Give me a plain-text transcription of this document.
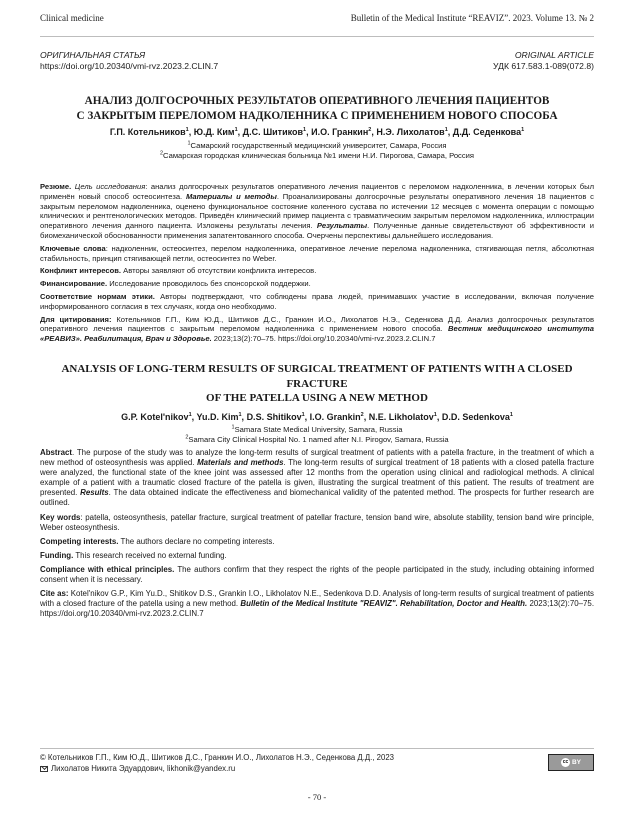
Clinical medicine	Bulletin of the Medical Institute “REAVIZ”. 2023. Volume 13. № 2
ОРИГИНАЛЬНАЯ СТАТЬЯ	ORIGINAL ARTICLE
https://doi.org/10.20340/vmi-rvz.2023.2.CLIN.7	УДК 617.583.1-089(072.8)

АНАЛИЗ ДОЛГОСРОЧНЫХ РЕЗУЛЬТАТОВ ОПЕРАТИВНОГО ЛЕЧЕНИЯ ПАЦИЕНТОВ
С ЗАКРЫТЫМ ПЕРЕЛОМОМ НАДКОЛЕННИКА С ПРИМЕНЕНИЕМ НОВОГО СПОСОБА

Г.П. Котельников$^1$, Ю.Д. Ким$^1$, Д.С. Шитиков$^1$, И.О. Гранкин$^2$, Н.Э. Лихолатов$^1$, Д.Д. Седенкова$^1$

$^1$Самарский государственный медицинский университет, Самара, Россия

$^2$Самарская городская клиническая больница №1 имени Н.И. Пирогова, Самара, Россия

Резюме. Цель исследования: анализ долгосрочных результатов оперативного лечения пациентов с переломом надколенника, в лечении которых был применён новый способ остеосинтеза. Материалы и методы. Проанализированы долгосрочные результаты оперативного лечения 18 пациентов с закрытым переломом надколенника, оценено функциональное состояние коленного сустава по истечении 12 месяцев с момента операции с помощью клинических и рентгенологических методов. Приведён клинический пример пациента с травматическим закрытым переломом надколенника, иллюстрации оперативного лечения данного пациента. Изложены результаты лечения. Результаты. Полученные данные свидетельствуют об эффективности и биомеханической обоснованности применения запатентованного способа. Очерчены перспективы дальнейшего исследования.

Ключевые слова: надколенник, остеосинтез, перелом надколенника, оперативное лечение перелома надколенника, стягивающая петля, абсолютная стабильность, принцип стягивающей петли, остеосинтез по Weber.

Конфликт интересов. Авторы заявляют об отсутствии конфликта интересов.

Финансирование. Исследование проводилось без спонсорской поддержки.

Соответствие нормам этики. Авторы подтверждают, что соблюдены права людей, принимавших участие в исследовании, включая получение информированного согласия в тех случаях, когда оно необходимо.

Для цитирования: Котельников Г.П., Ким Ю.Д., Шитиков Д.С., Гранкин И.О., Лихолатов Н.Э., Седенкова Д.Д. Анализ долгосрочных результатов оперативного лечения пациентов с закрытым переломом надколенника с применением нового способа. Вестник медицинского института «РЕАВИЗ». Реабилитация, Врач и Здоровье. 2023;13(2):70–75. https://doi.org/10.20340/vmi-rvz.2023.2.CLIN.7

ANALYSIS OF LONG-TERM RESULTS OF SURGICAL TREATMENT OF PATIENTS WITH A CLOSED FRACTURE
OF THE PATELLA USING A NEW METHOD

G.P. Kotel'nikov$^1$, Yu.D. Kim$^1$, D.S. Shitikov$^1$, I.O. Grankin$^2$, N.E. Likholatov$^1$, D.D. Sedenkova$^1$

$^1$Samara State Medical University, Samara, Russia

$^2$Samara City Clinical Hospital No. 1 named after N.I. Pirogov, Samara, Russia

Abstract. The purpose of the study was to analyze the long-term results of surgical treatment of patients with a patella fracture, in the treatment of which a new method of osteosynthesis was applied. Materials and methods. The long-term results of surgical treatment of 18 patients with a closed patella fracture were analyzed, the functional state of the knee joint was assessed after 12 months from the operation using clinical and radiological methods. A clinical example of a patient with a traumatic closed fracture of the patella is given, illustrating the surgical treatment of this patient. The results of treatment are presented. Results. The data obtained indicate the effectiveness and biomechanical validity of the patented method. The prospects for further research are outlined.

Key words: patella, osteosynthesis, patellar fracture, surgical treatment of patellar fracture, tension band wire, absolute stability, tension band wire principle, Weber osteosynthesis.

Competing interests. The authors declare no competing interests.

Funding. This research received no external funding.

Compliance with ethical principles. The authors confirm that they respect the rights of the people participated in the study, including obtaining informed consent when it is necessary.

Cite as: Kotel'nikov G.P., Kim Yu.D., Shitikov D.S., Grankin I.O., Likholatov N.E., Sedenkova D.D. Analysis of long-term results of surgical treatment of patients with a closed fracture of the patella using a new method. Bulletin of the Medical Institute "REAVIZ". Rehabilitation, Doctor and Health. 2023;13(2):70–75. https://doi.org/10.20340/vmi-rvz.2023.2.CLIN.7

© Котельников Г.П., Ким Ю.Д., Шитиков Д.С., Гранкин И.О., Лихолатов Н.Э., Седенкова Д.Д., 2023
Лихолатов Никита Эдуардович, likhonik@yandex.ru
cc BY
- 70 -
